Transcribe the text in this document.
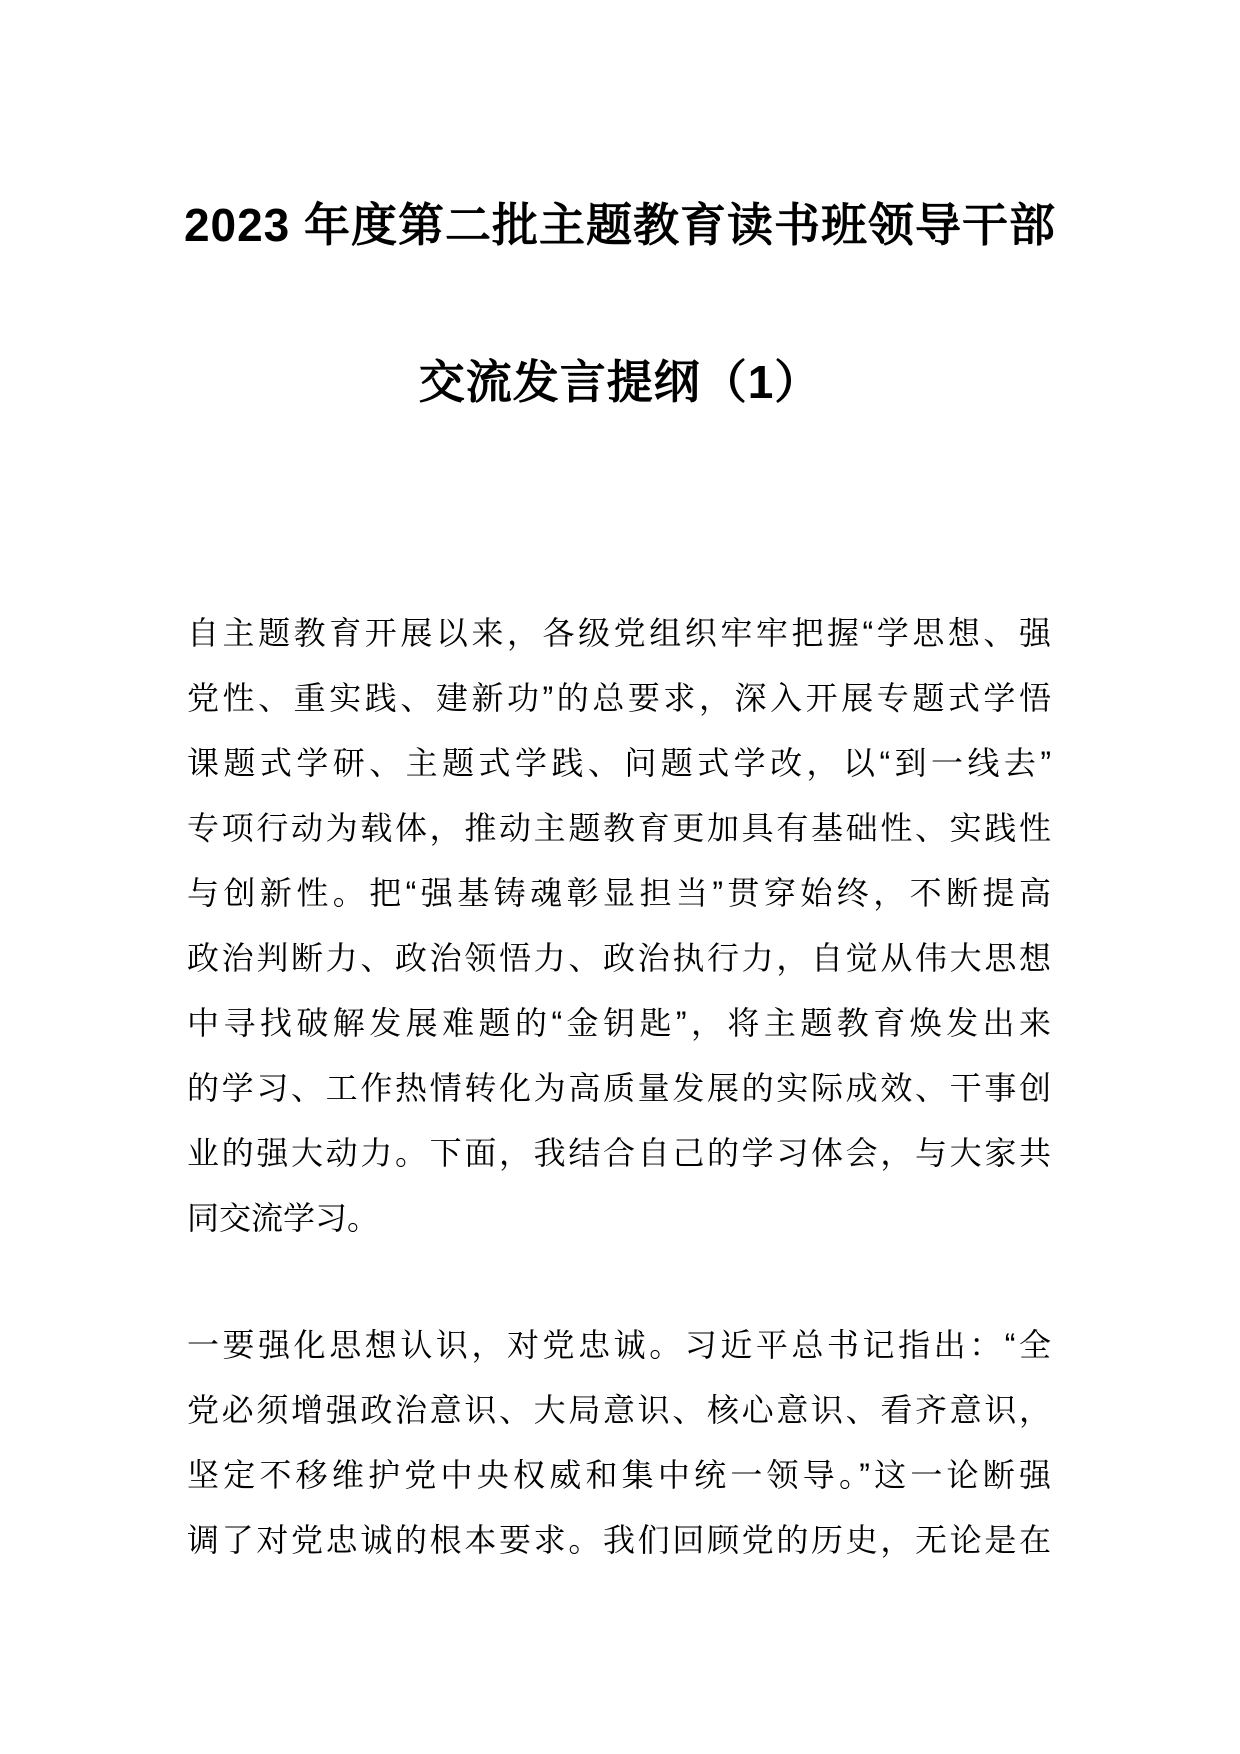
2023 年度第二批主题教育读书班领导干部
交流发言提纲（1）
自主题教育开展以来，各级党组织牢牢把握“学思想、强
党性、重实践、建新功”的总要求，深入开展专题式学悟
课题式学研、主题式学践、问题式学改，以“到一线去”
专项行动为载体，推动主题教育更加具有基础性、实践性
与创新性。把“强基铸魂彰显担当”贯穿始终，不断提高
政治判断力、政治领悟力、政治执行力，自觉从伟大思想
中寻找破解发展难题的“金钥匙”，将主题教育焕发出来
的学习、工作热情转化为高质量发展的实际成效、干事创
业的强大动力。下面，我结合自己的学习体会，与大家共
同交流学习。
一要强化思想认识，对党忠诚。习近平总书记指出：“全
党必须增强政治意识、大局意识、核心意识、看齐意识，
坚定不移维护党中央权威和集中统一领导。”这一论断强
调了对党忠诚的根本要求。我们回顾党的历史，无论是在
